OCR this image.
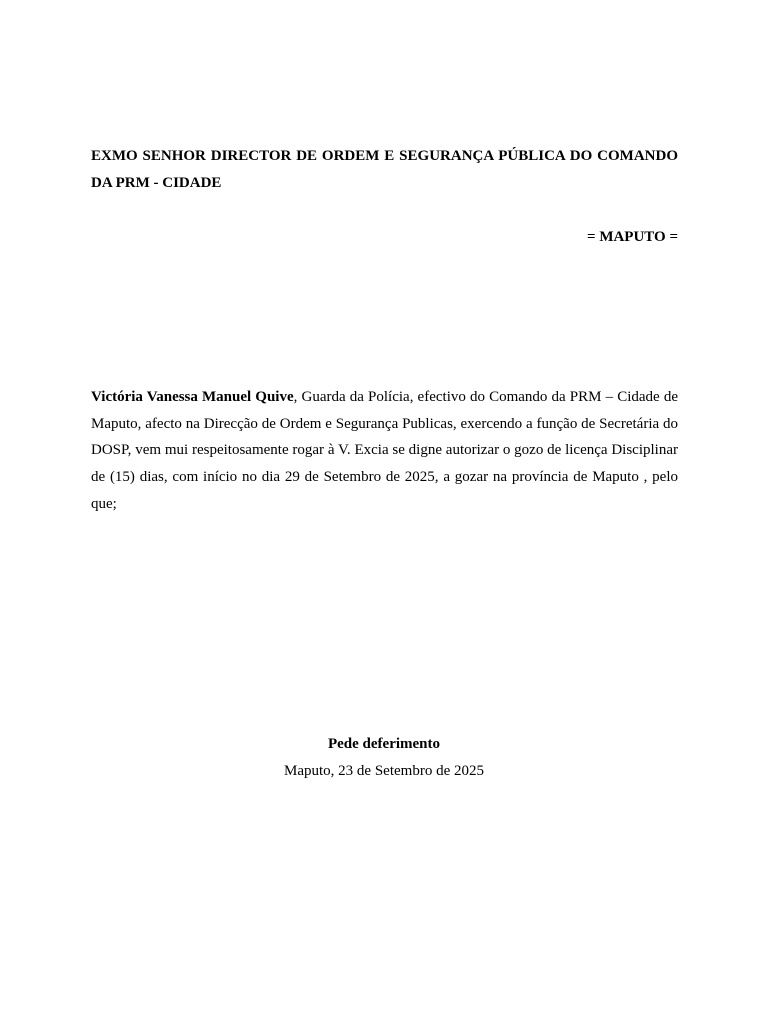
EXMO SENHOR DIRECTOR DE ORDEM E SEGURANÇA PÚBLICA DO COMANDO DA PRM - CIDADE
= MAPUTO =
Victória Vanessa Manuel Quive, Guarda da Polícia, efectivo do Comando da PRM – Cidade de Maputo, afecto na Direcção de Ordem e Segurança Publicas, exercendo a função de Secretária do DOSP, vem mui respeitosamente rogar à V. Excia se digne autorizar o gozo de licença Disciplinar de (15) dias, com início no dia 29 de Setembro de 2025, a gozar na província de Maputo , pelo que;
Pede deferimento
Maputo, 23 de Setembro de 2025
